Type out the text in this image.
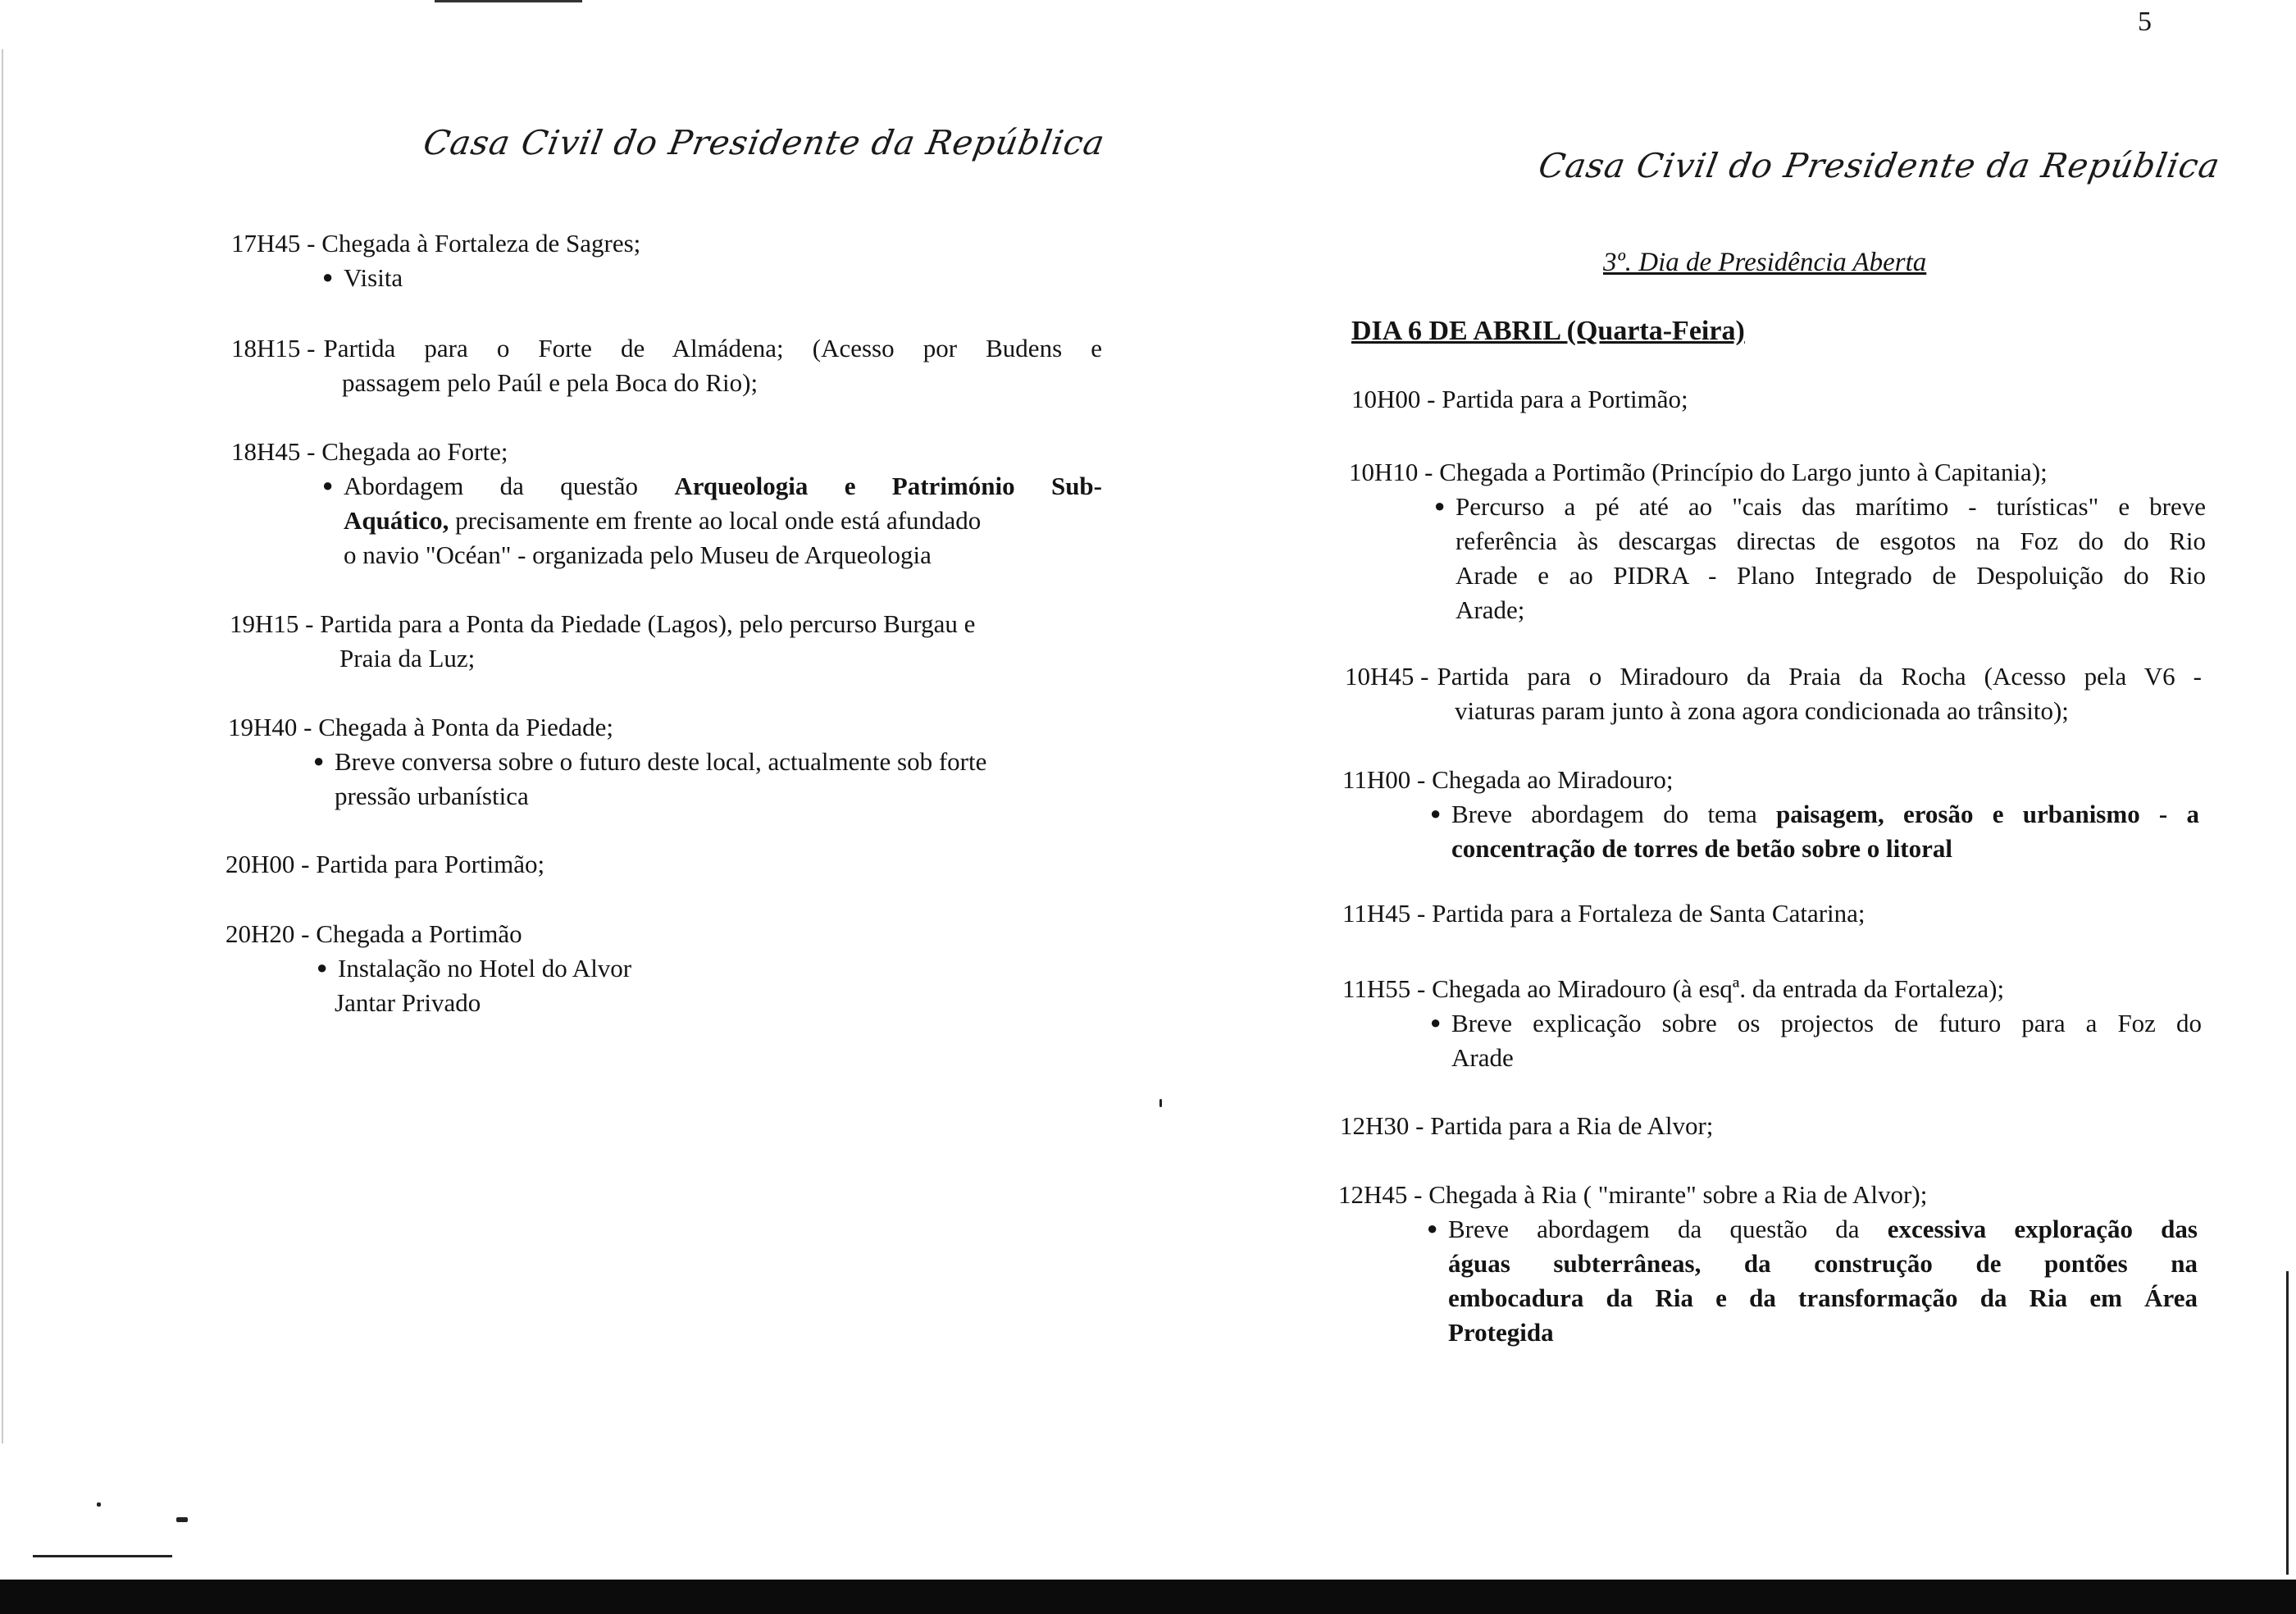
5
Casa Civil do Presidente da República
17H45 - Chegada à Fortaleza de Sagres;
● Visita
18H15 - Partida para o Forte de Almádena; (Acesso por Budens e
passagem pelo Paúl e pela Boca do Rio);
18H45 - Chegada ao Forte;
● Abordagem da questão Arqueologia e Património Sub-
Aquático, precisamente em frente ao local onde está afundado
o navio "Océan" - organizada pelo Museu de Arqueologia
19H15 - Partida para a Ponta da Piedade (Lagos), pelo percurso Burgau e
Praia da Luz;
19H40 - Chegada à Ponta da Piedade;
● Breve conversa sobre o futuro deste local, actualmente sob forte
pressão urbanística
20H00 - Partida para Portimão;
20H20 - Chegada a Portimão
● Instalação no Hotel do Alvor
Jantar Privado
Casa Civil do Presidente da República
3º. Dia de Presidência Aberta
DIA 6 DE ABRIL (Quarta-Feira)
10H00 - Partida para a Portimão;
10H10 - Chegada a Portimão (Princípio do Largo junto à Capitania);
● Percurso a pé até ao "cais das marítimo - turísticas" e breve
referência às descargas directas de esgotos na Foz do do Rio
Arade e ao PIDRA - Plano Integrado de Despoluição do Rio
Arade;
10H45 - Partida para o Miradouro da Praia da Rocha (Acesso pela V6 -
viaturas param junto à zona agora condicionada ao trânsito);
11H00 - Chegada ao Miradouro;
● Breve abordagem do tema paisagem, erosão e urbanismo - a
concentração de torres de betão sobre o litoral
11H45 - Partida para a Fortaleza de Santa Catarina;
11H55 - Chegada ao Miradouro (à esqª. da entrada da Fortaleza);
● Breve explicação sobre os projectos de futuro para a Foz do
Arade
12H30 - Partida para a Ria de Alvor;
12H45 - Chegada à Ria ( "mirante" sobre a Ria de Alvor);
● Breve abordagem da questão da excessiva exploração das
águas subterrâneas, da construção de pontões na
embocadura da Ria e da transformação da Ria em Área
Protegida
